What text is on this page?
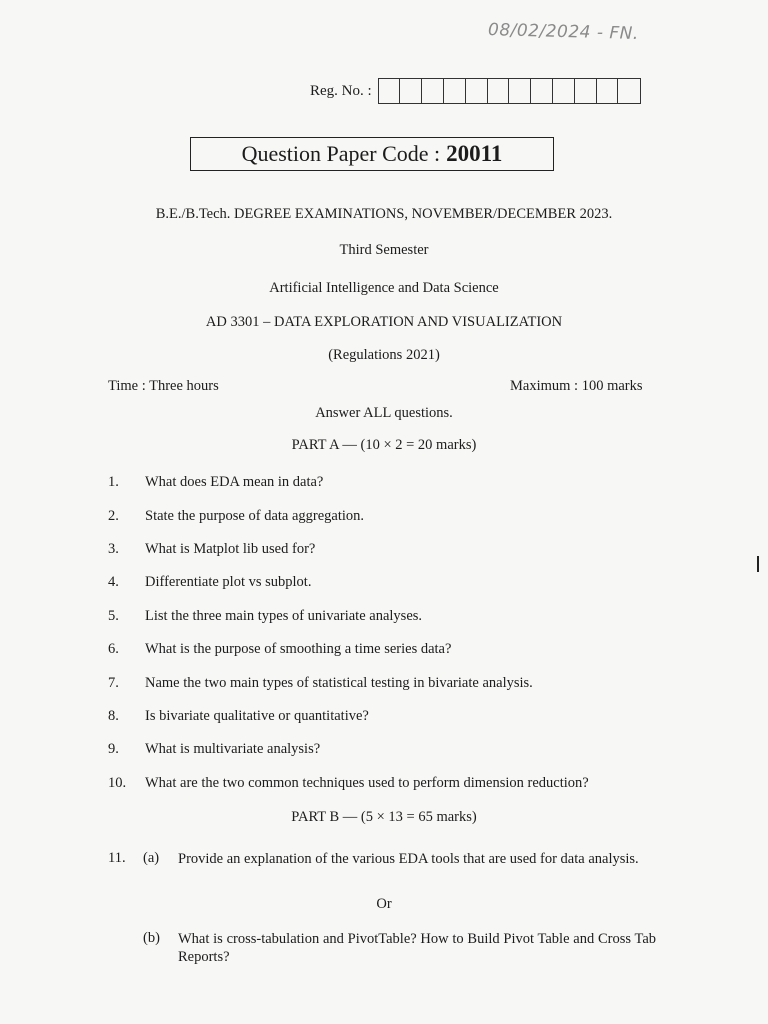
08/02/2024 - FN.
Reg. No. :
Question Paper Code : 20011
B.E./B.Tech. DEGREE EXAMINATIONS, NOVEMBER/DECEMBER 2023.
Third Semester
Artificial Intelligence and Data Science
AD 3301 – DATA EXPLORATION AND VISUALIZATION
(Regulations 2021)
Time : Three hours	Maximum : 100 marks
Answer ALL questions.
PART A — (10 × 2 = 20 marks)
1. What does EDA mean in data?
2. State the purpose of data aggregation.
3. What is Matplot lib used for?
4. Differentiate plot vs subplot.
5. List the three main types of univariate analyses.
6. What is the purpose of smoothing a time series data?
7. Name the two main types of statistical testing in bivariate analysis.
8. Is bivariate qualitative or quantitative?
9. What is multivariate analysis?
10. What are the two common techniques used to perform dimension reduction?
PART B — (5 × 13 = 65 marks)
11. (a) Provide an explanation of the various EDA tools that are used for data analysis.
Or
(b) What is cross-tabulation and PivotTable? How to Build Pivot Table and Cross Tab Reports?
